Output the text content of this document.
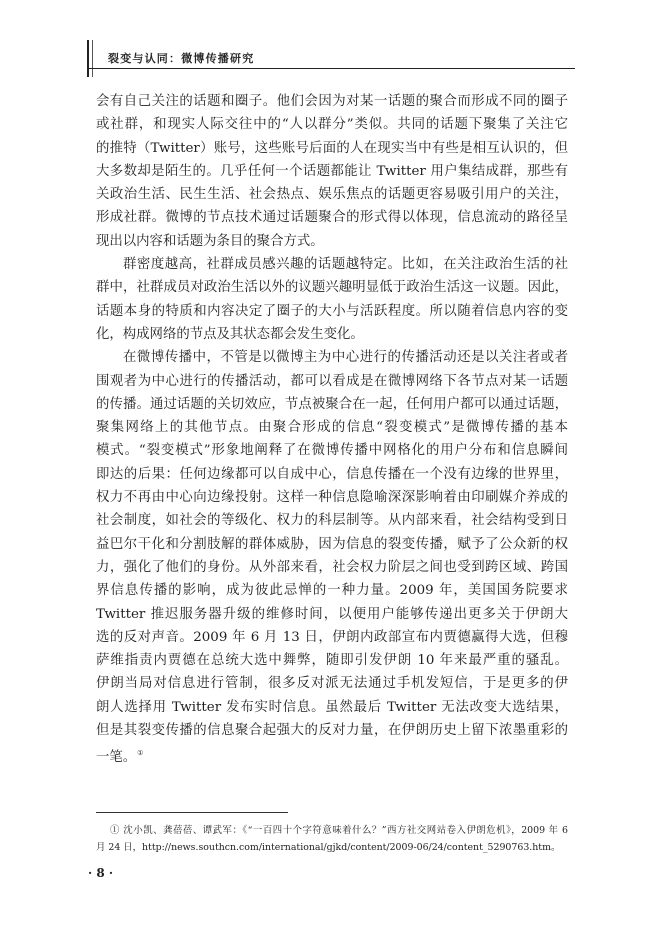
裂变与认同：微博传播研究
会有自己关注的话题和圈子。他们会因为对某一话题的聚合而形成不同的圈子
或社群，和现实人际交往中的“人以群分”类似。共同的话题下聚集了关注它
的推特（Twitter）账号，这些账号后面的人在现实当中有些是相互认识的，但
大多数却是陌生的。几乎任何一个话题都能让 Twitter 用户集结成群，那些有
关政治生活、民生生活、社会热点、娱乐焦点的话题更容易吸引用户的关注，
形成社群。微博的节点技术通过话题聚合的形式得以体现，信息流动的路径呈
现出以内容和话题为条目的聚合方式。
群密度越高，社群成员感兴趣的话题越特定。比如，在关注政治生活的社
群中，社群成员对政治生活以外的议题兴趣明显低于政治生活这一议题。因此，
话题本身的特质和内容决定了圈子的大小与活跃程度。所以随着信息内容的变
化，构成网络的节点及其状态都会发生变化。
在微博传播中，不管是以微博主为中心进行的传播活动还是以关注者或者
围观者为中心进行的传播活动，都可以看成是在微博网络下各节点对某一话题
的传播。通过话题的关切效应，节点被聚合在一起，任何用户都可以通过话题，
聚集网络上的其他节点。由聚合形成的信息“裂变模式”是微博传播的基本
模式。“裂变模式”形象地阐释了在微博传播中网格化的用户分布和信息瞬间
即达的后果：任何边缘都可以自成中心，信息传播在一个没有边缘的世界里，
权力不再由中心向边缘投射。这样一种信息隐喻深深影响着由印刷媒介养成的
社会制度，如社会的等级化、权力的科层制等。从内部来看，社会结构受到日
益巴尔干化和分割肢解的群体威胁，因为信息的裂变传播，赋予了公众新的权
力，强化了他们的身份。从外部来看，社会权力阶层之间也受到跨区域、跨国
界信息传播的影响，成为彼此忌惮的一种力量。2009 年，美国国务院要求
Twitter 推迟服务器升级的维修时间，以便用户能够传递出更多关于伊朗大
选的反对声音。2009 年 6 月 13 日，伊朗内政部宣布内贾德赢得大选，但穆
萨维指责内贾德在总统大选中舞弊，随即引发伊朗 10 年来最严重的骚乱。
伊朗当局对信息进行管制，很多反对派无法通过手机发短信，于是更多的伊
朗人选择用 Twitter 发布实时信息。虽然最后 Twitter 无法改变大选结果，
但是其裂变传播的信息聚合起强大的反对力量，在伊朗历史上留下浓墨重彩的
一笔。①
① 沈小凯、龚蓓蓓、谭武军：《“一百四十个字符意味着什么？”西方社交网站卷入伊朗危机》，2009 年 6
月 24 日，http://news.southcn.com/international/gjkd/content/2009-06/24/content_5290763.htm。
· 8 ·
